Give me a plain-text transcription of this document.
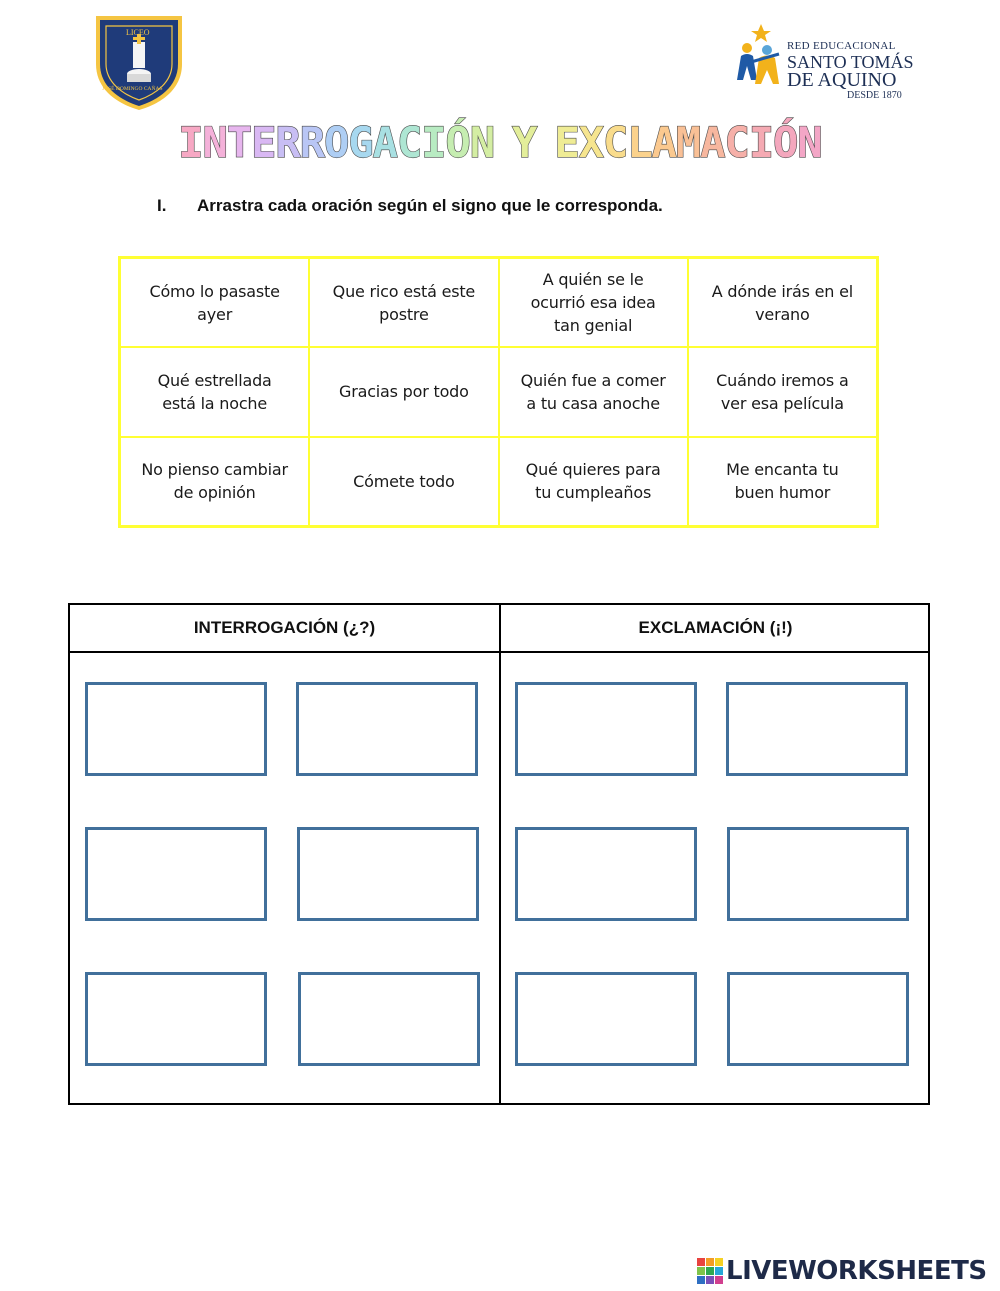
LICEO
JOSÉ DOMINGO CAÑAS
RED EDUCACIONAL
SANTO TOMÁS
DE AQUINO
DESDE 1870
INTERROGACIÓN Y EXCLAMACIÓN
I. Arrastra cada oración según el signo que le corresponda.
Cómo lo pasaste ayer
Que rico está este postre
A quién se le ocurrió esa idea tan genial
A dónde irás en el verano
Qué estrellada está la noche
Gracias por todo
Quién fue a comer a tu casa anoche
Cuándo iremos a ver esa película
No pienso cambiar de opinión
Cómete todo
Qué quieres para tu cumpleaños
Me encanta tu buen humor
INTERROGACIÓN (¿?)	EXCLAMACIÓN (¡!)
LIVEWORKSHEETS
